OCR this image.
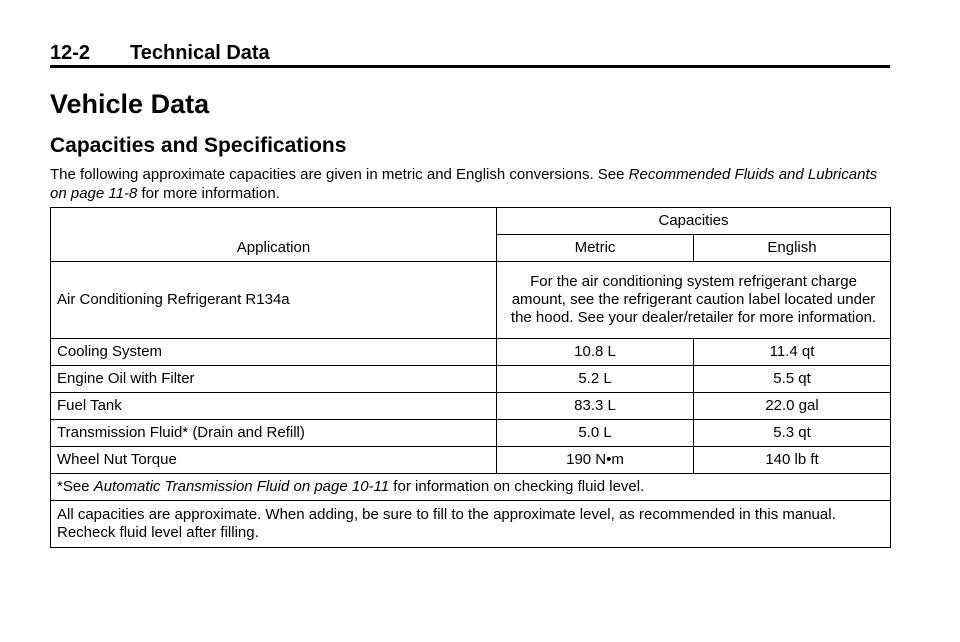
12-2 Technical Data
Vehicle Data
Capacities and Specifications
The following approximate capacities are given in metric and English conversions. See Recommended Fluids and Lubricants on page 11-8 for more information.
Application	Capacities	
	Metric	English
Air Conditioning Refrigerant R134a	For the air conditioning system refrigerant charge amount, see the refrigerant caution label located under the hood. See your dealer/retailer for more information.	
Cooling System	10.8 L	11.4 qt
Engine Oil with Filter	5.2 L	5.5 qt
Fuel Tank	83.3 L	22.0 gal
Transmission Fluid* (Drain and Refill)	5.0 L	5.3 qt
Wheel Nut Torque	190 N•m	140 lb ft
*See Automatic Transmission Fluid on page 10-11 for information on checking fluid level.		
All capacities are approximate. When adding, be sure to fill to the approximate level, as recommended in this manual. Recheck fluid level after filling.		
